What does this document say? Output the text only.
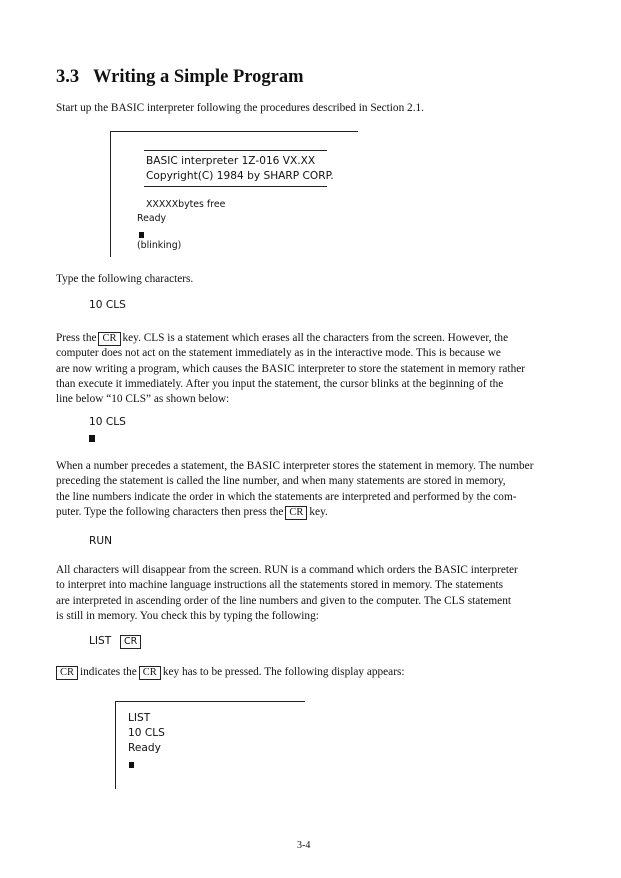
3.3 Writing a Simple Program

Start up the BASIC interpreter following the procedures described in Section 2.1.

BASIC interpreter 1Z-016 VX.XX

Copyright(C) 1984 by SHARP CORP.

XXXXXbytes free

Ready

(blinking)

Type the following characters.

10 CLS

Press the CR key. CLS is a statement which erases all the characters from the screen. However, the
computer does not act on the statement immediately as in the interactive mode. This is because we
are now writing a program, which causes the BASIC interpreter to store the statement in memory rather
than execute it immediately. After you input the statement, the cursor blinks at the beginning of the
line below “10 CLS” as shown below:

10 CLS

When a number precedes a statement, the BASIC interpreter stores the statement in memory. The number
preceding the statement is called the line number, and when many statements are stored in memory,
the line numbers indicate the order in which the statements are interpreted and performed by the com-
puter. Type the following characters then press the CR key.

RUN

All characters will disappear from the screen. RUN is a command which orders the BASIC interpreter
to interpret into machine language instructions all the statements stored in memory. The statements
are interpreted in ascending order of the line numbers and given to the computer. The CLS statement
is still in memory. You check this by typing the following:

LIST CR

CR indicates the CR key has to be pressed. The following display appears:

LIST

10 CLS

Ready

3-4
